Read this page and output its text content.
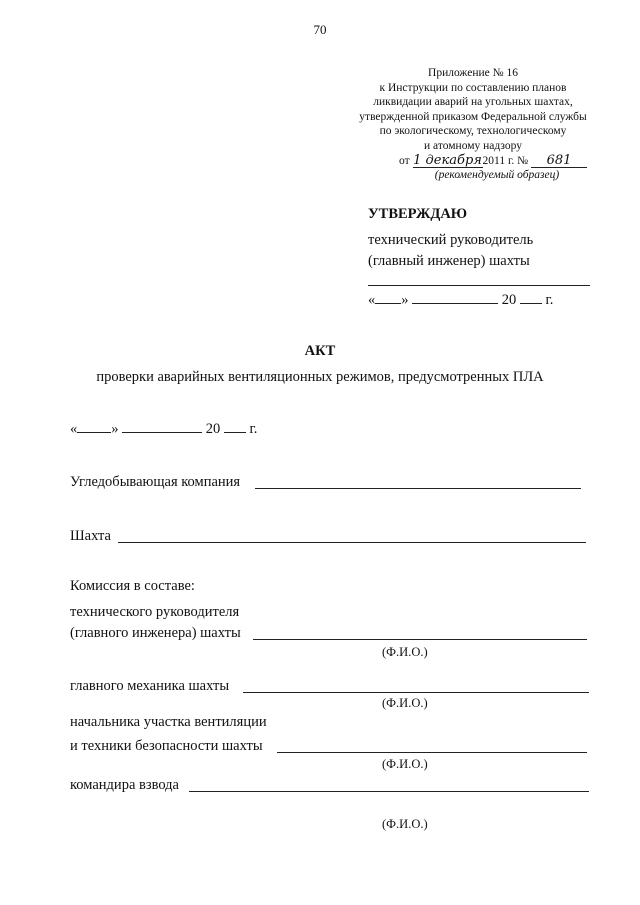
70
Приложение № 16
к Инструкции по составлению планов
ликвидации аварий на угольных шахтах,
утвержденной приказом Федеральной службы
по экологическому, технологическому
и атомному надзору
от 1 декабря2011 г. № 681
(рекомендуемый образец)
УТВЕРЖДАЮ
технический руководитель
(главный инженер) шахты
« »	20 г.
АКТ
проверки аварийных вентиляционных режимов, предусмотренных ПЛА
« »	20 г.
Угледобывающая компания
Шахта
Комиссия в составе:
технического руководителя
(главного инженера) шахты
(Ф.И.О.)
главного механика шахты
(Ф.И.О.)
начальника участка вентиляции
и техники безопасности шахты
(Ф.И.О.)
командира взвода
(Ф.И.О.)
